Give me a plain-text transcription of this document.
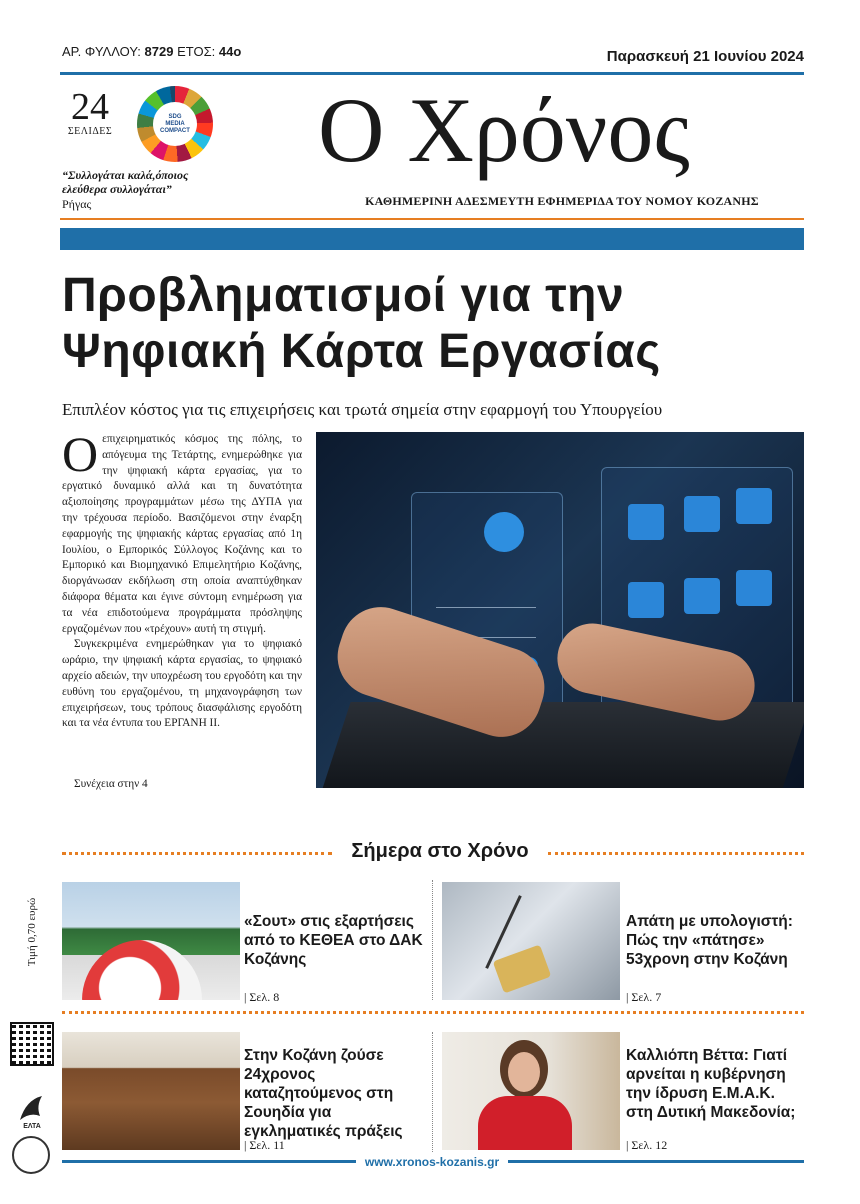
ΑΡ. ΦΥΛΛΟΥ: 8729 ΕΤΟΣ: 44ο	Παρασκευή 21 Ιουνίου 2024
24
ΣΕΛΙΔΕΣ
SDG
MEDIA
COMPACT
“Συλλογάται καλά,όποιος ελεύθερα συλλογάται”
Ρήγας
Ο Χρόνος
ΚΑΘΗΜΕΡΙΝΗ ΑΔΕΣΜΕΥΤΗ ΕΦΗΜΕΡΙΔΑ ΤΟΥ ΝΟΜΟΥ ΚΟΖΑΝΗΣ
Προβληματισμοί για την
Ψηφιακή Κάρτα Εργασίας
Επιπλέον κόστος για τις επιχειρήσεις και τρωτά σημεία στην εφαρμογή του Υπουργείου

Οεπιχειρηματικός κόσμος της πόλης, το απόγευμα της Τετάρτης, ενημερώθηκε για την ψηφιακή κάρτα εργασίας, για το εργατικό δυναμικό αλλά και τη δυνατότητα αξιοποίησης προγραμμάτων μέσω της ΔΥΠΑ για την τρέχουσα περίοδο. Βασιζόμενοι στην έναρξη εφαρμογής της ψηφιακής κάρτας εργασίας από 1η Ιουλίου, ο Εμπορικός Σύλλογος Κοζάνης και το Εμπορικό και Βιομηχανικό Επιμελητήριο Κοζάνης, διοργάνωσαν εκδήλωση στη οποία αναπτύχθηκαν διάφορα θέματα και έγινε σύντομη ενημέρωση για τα νέα επιδοτούμενα προγράμματα πρόσληψης εργαζομένων που «τρέχουν» αυτή τη στιγμή.

Συγκεκριμένα ενημερώθηκαν για το ψηφιακό ωράριο, την ψηφιακή κάρτα εργασίας, το ψηφιακό αρχείο αδειών, την υποχρέωση του εργοδότη και την ευθύνη του εργαζομένου, τη μηχανογράφηση των επιχειρήσεων, τους τρόπους διασφάλισης εργοδότη και τα νέα έντυπα του ΕΡΓΑΝΗ ΙΙ.

Συνέχεια στην 4
Σήμερα στο Χρόνο
Τιμή 0,70 ευρώ	«Σουτ» στις εξαρτήσεις από το ΚΕΘΕΑ στο ΔΑΚ Κοζάνης
| Σελ. 8
Απάτη με υπολογιστή: Πώς την «πάτησε» 53χρονη στην Κοζάνη
| Σελ. 7
Στην Κοζάνη ζούσε 24χρονος καταζητούμενος στη Σουηδία για εγκληματικές πράξεις
| Σελ. 11
Καλλιόπη Βέττα: Γιατί αρνείται η κυβέρνηση την ίδρυση Ε.Μ.Α.Κ. στη Δυτική Μακεδονία;
| Σελ. 12
www.xronos-kozanis.gr
ΕΛΤΑ
